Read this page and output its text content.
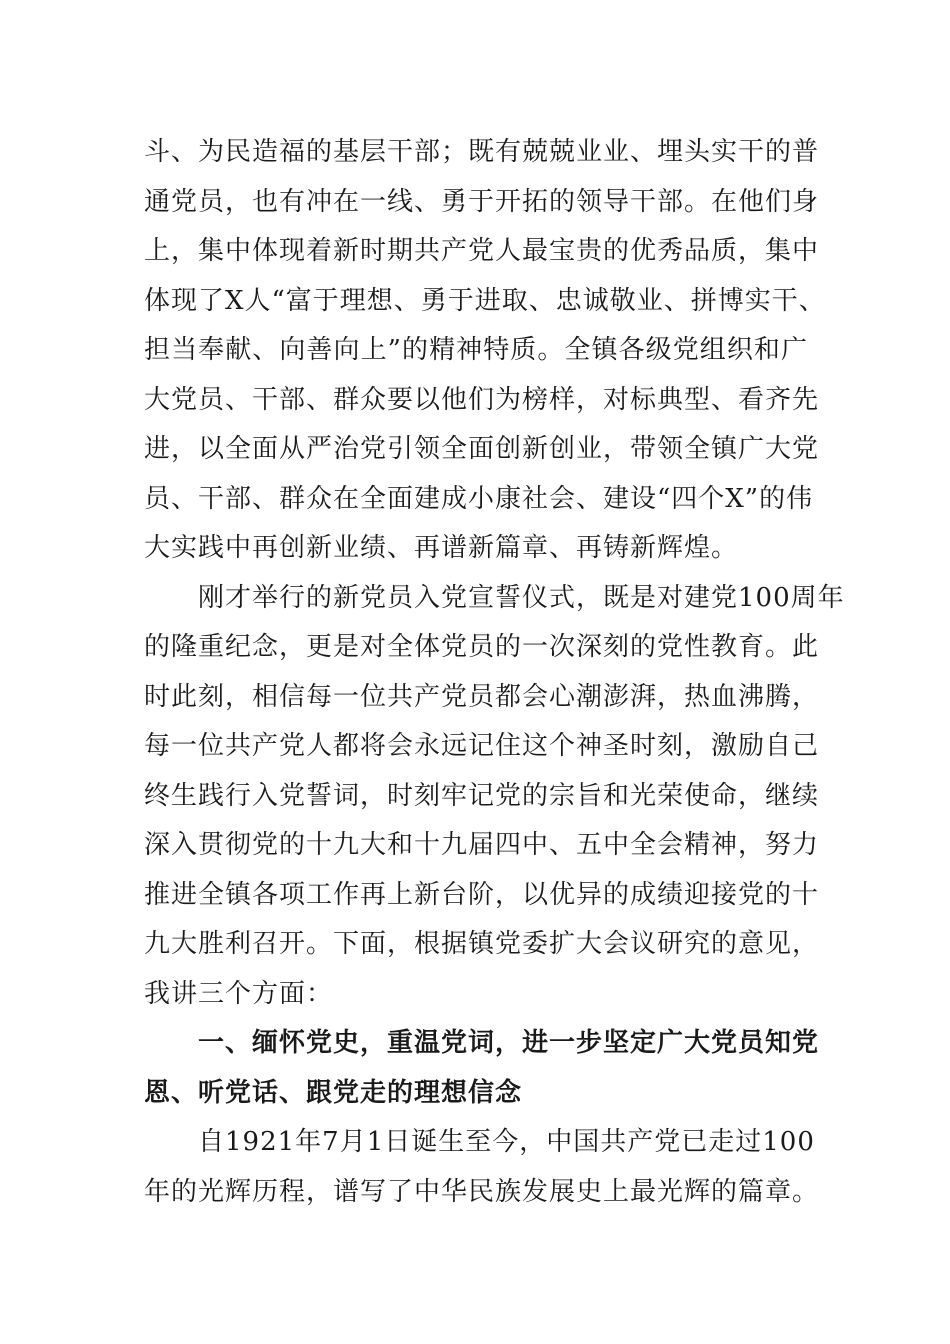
斗、为民造福的基层干部；既有兢兢业业、埋头实干的普
通党员，也有冲在一线、勇于开拓的领导干部。在他们身
上，集中体现着新时期共产党人最宝贵的优秀品质，集中
体现了X人“富于理想、勇于进取、忠诚敬业、拼博实干、
担当奉献、向善向上”的精神特质。全镇各级党组织和广
大党员、干部、群众要以他们为榜样，对标典型、看齐先
进，以全面从严治党引领全面创新创业，带领全镇广大党
员、干部、群众在全面建成小康社会、建设“四个X”的伟
大实践中再创新业绩、再谱新篇章、再铸新辉煌。
刚才举行的新党员入党宣誓仪式，既是对建党100周年
的隆重纪念，更是对全体党员的一次深刻的党性教育。此
时此刻，相信每一位共产党员都会心潮澎湃，热血沸腾，
每一位共产党人都将会永远记住这个神圣时刻，激励自己
终生践行入党誓词，时刻牢记党的宗旨和光荣使命，继续
深入贯彻党的十九大和十九届四中、五中全会精神，努力
推进全镇各项工作再上新台阶，以优异的成绩迎接党的十
九大胜利召开。下面，根据镇党委扩大会议研究的意见，
我讲三个方面：
一、缅怀党史，重温党词，进一步坚定广大党员知党
恩、听党话、跟党走的理想信念
自1921年7月1日诞生至今，中国共产党已走过100
年的光辉历程，谱写了中华民族发展史上最光辉的篇章。
